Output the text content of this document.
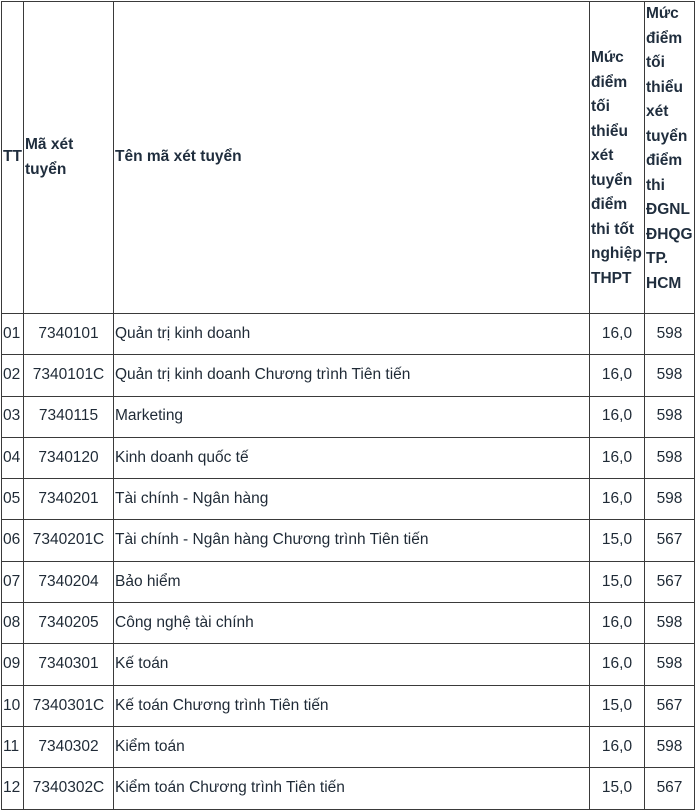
TT	Mã xét tuyển	Tên mã xét tuyển	Mức điểm tối thiểu xét tuyển điểm thi tốt nghiệp THPT	Mức điểm tối thiểu xét tuyển điểm thi ĐGNL ĐHQG TP. HCM
01	7340101	Quản trị kinh doanh	16,0	598
02	7340101C	Quản trị kinh doanh Chương trình Tiên tiến	16,0	598
03	7340115	Marketing	16,0	598
04	7340120	Kinh doanh quốc tế	16,0	598
05	7340201	Tài chính - Ngân hàng	16,0	598
06	7340201C	Tài chính - Ngân hàng Chương trình Tiên tiến	15,0	567
07	7340204	Bảo hiểm	15,0	567
08	7340205	Công nghệ tài chính	16,0	598
09	7340301	Kế toán	16,0	598
10	7340301C	Kế toán Chương trình Tiên tiến	15,0	567
11	7340302	Kiểm toán	16,0	598
12	7340302C	Kiểm toán Chương trình Tiên tiến	15,0	567
